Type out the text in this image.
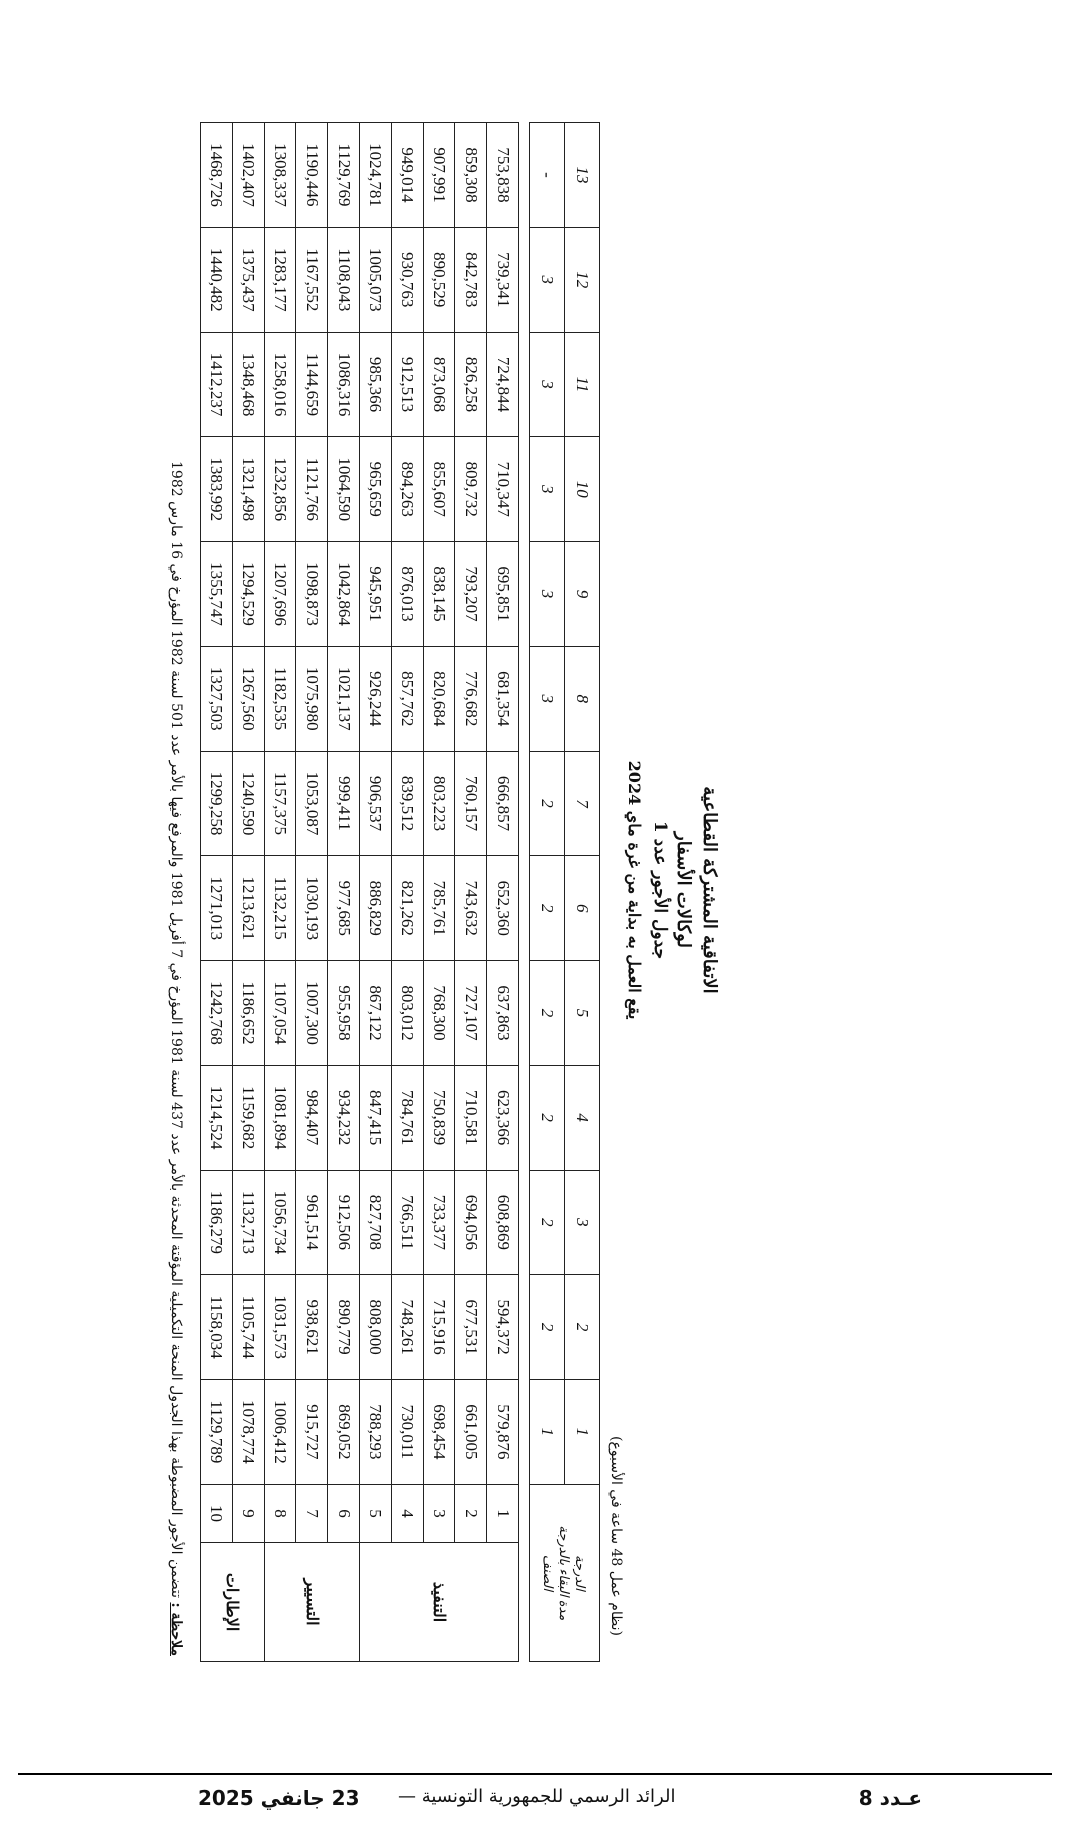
الاتفاقية المشتركة القطاعية
لوكالات الأسفار
جدول الأجور عدد 1
يقع العمل به بداية من غرة ماي 2024
(نظام عمل 48 ساعة في الأسبوع)
الدرجة
مدة البقاء بالدرجة
الصنف		1	2	3	4	5	6	7	8	9	10	11	12	13
		1	2	2	2	2	2	2	3	3	3	3	3	-

التنفيذ	1	579,876	594,372	608,869	623,366	637,863	652,360	666,857	681,354	695,851	710,347	724,844	739,341	753,838
	2	661,005	677,531	694,056	710,581	727,107	743,632	760,157	776,682	793,207	809,732	826,258	842,783	859,308
	3	698,454	715,916	733,377	750,839	768,300	785,761	803,223	820,684	838,145	855,607	873,068	890,529	907,991
	4	730,011	748,261	766,511	784,761	803,012	821,262	839,512	857,762	876,013	894,263	912,513	930,763	949,014
	5	788,293	808,000	827,708	847,415	867,122	886,829	906,537	926,244	945,951	965,659	985,366	1005,073	1024,781
التسيير	6	869,052	890,779	912,506	934,232	955,958	977,685	999,411	1021,137	1042,864	1064,590	1086,316	1108,043	1129,769
	7	915,727	938,621	961,514	984,407	1007,300	1030,193	1053,087	1075,980	1098,873	1121,766	1144,659	1167,552	1190,446
	8	1006,412	1031,573	1056,734	1081,894	1107,054	1132,215	1157,375	1182,535	1207,696	1232,856	1258,016	1283,177	1308,337
الإطارات	9	1078,774	1105,744	1132,713	1159,682	1186,652	1213,621	1240,590	1267,560	1294,529	1321,498	1348,468	1375,437	1402,407
	10	1129,789	1158,034	1186,279	1214,524	1242,768	1271,013	1299,258	1327,503	1355,747	1383,992	1412,237	1440,482	1468,726
ملاحظة : تتضمن الأجور المضبوطة بهذا الجدول المنحة التكميلية المؤقتة المحدثة بالأمر عدد 437 لسنة 1981 المؤرخ في 7 أفريل 1981 والمرفع فيها بالأمر عدد 501 لسنة 1982 المؤرخ في 16 مارس 1982
23 جانفي 2025 الرائد الرسمي للجمهورية التونسية —	عـدد 8
